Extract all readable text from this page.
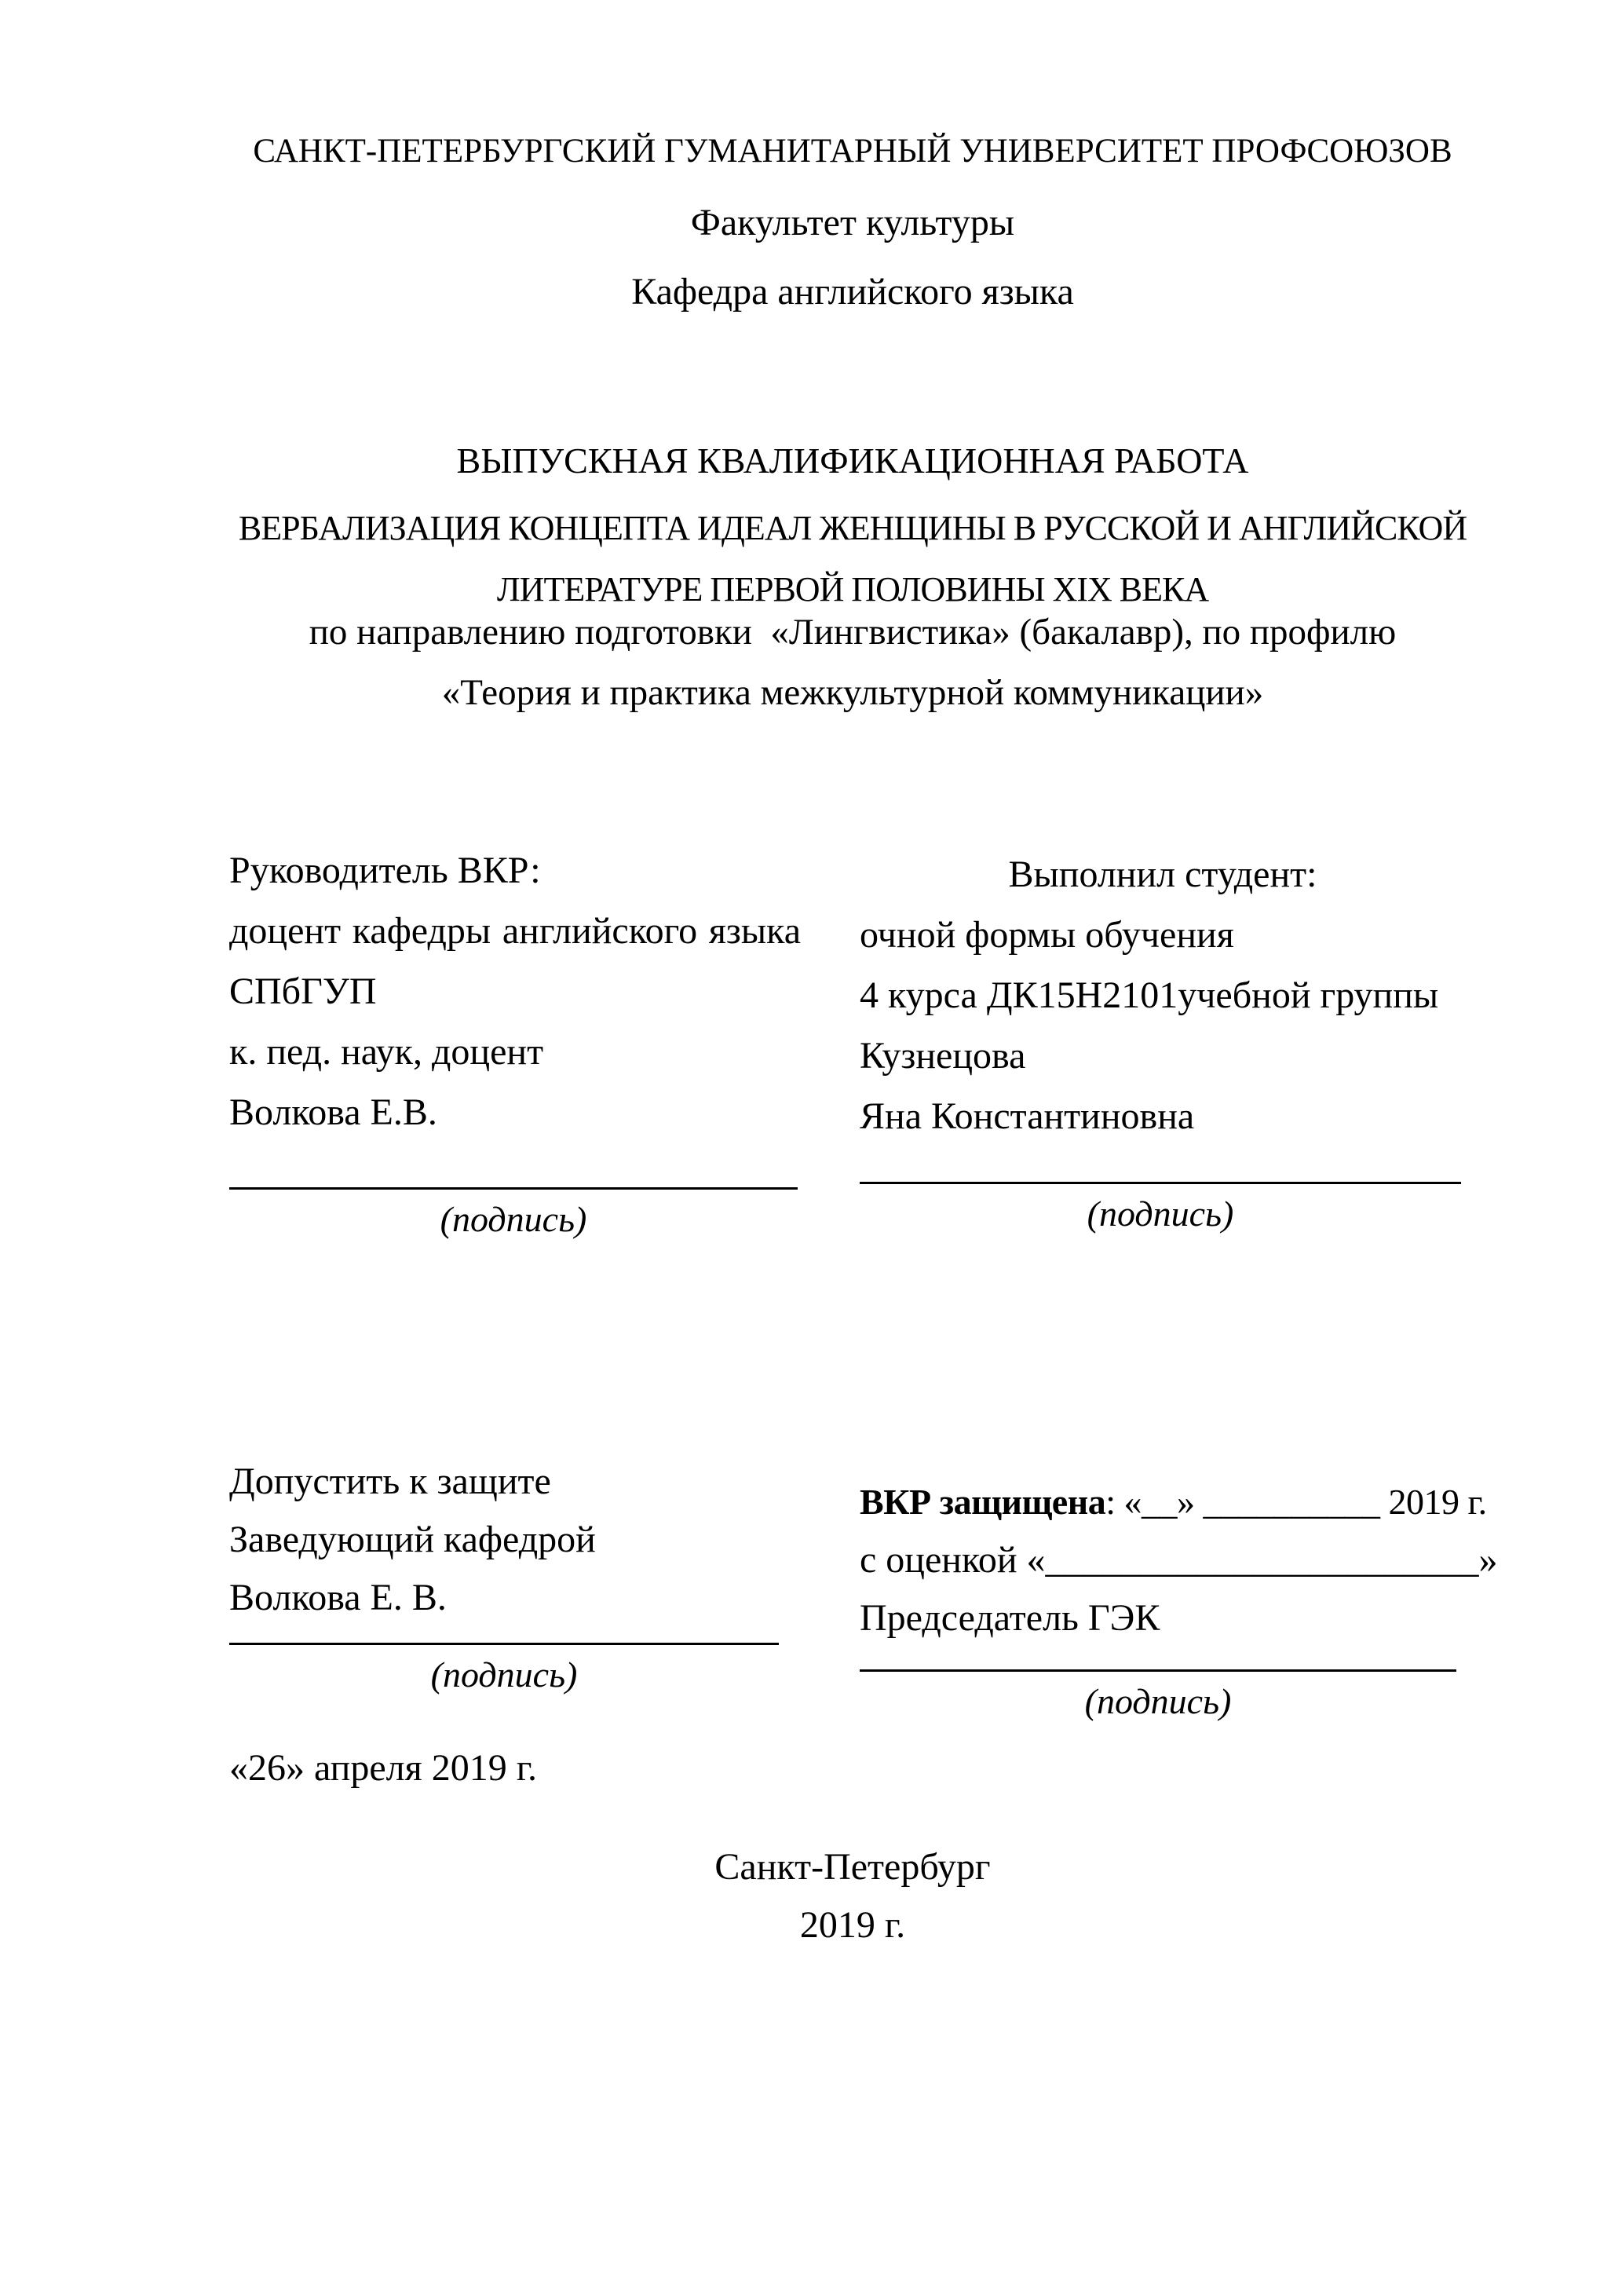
САНКТ-ПЕТЕРБУРГСКИЙ ГУМАНИТАРНЫЙ УНИВЕРСИТЕТ ПРОФСОЮЗОВ
Факультет культуры
Кафедра английского языка
ВЫПУСКНАЯ КВАЛИФИКАЦИОННАЯ РАБОТА
ВЕРБАЛИЗАЦИЯ КОНЦЕПТА ИДЕАЛ ЖЕНЩИНЫ В РУССКОЙ И АНГЛИЙСКОЙ
ЛИТЕРАТУРЕ ПЕРВОЙ ПОЛОВИНЫ XIX ВЕКА
по направлению подготовки  «Лингвистика» (бакалавр), по профилю
«Теория и практика межкультурной коммуникации»
Руководитель ВКР:
доцент кафедры английского языка
СПбГУП
к. пед. наук, доцент
Волкова Е.В.
(подпись)
Выполнил студент:
очной формы обучения
4 курса ДК15Н2101учебной группы
Кузнецова
Яна Константиновна
(подпись)
Допустить к защите
Заведующий кафедрой
Волкова Е. В.
(подпись)
«26» апреля 2019 г.
ВКР защищена: «__» __________ 2019 г.
с оценкой «_______________________»
Председатель ГЭК
(подпись)
Санкт-Петербург
2019 г.
